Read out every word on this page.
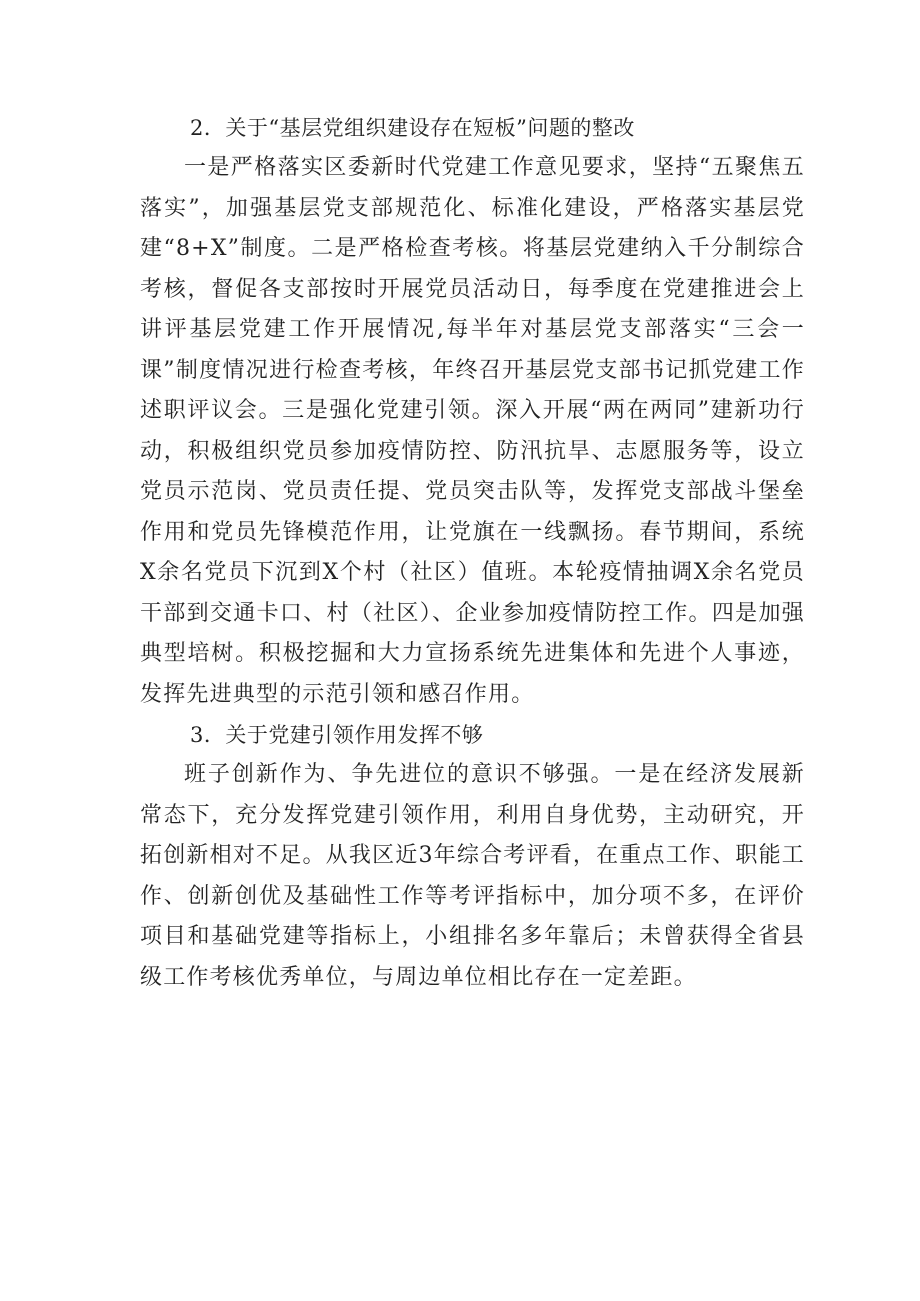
2．关于“基层党组织建设存在短板”问题的整改

一是严格落实区委新时代党建工作意见要求，坚持“五聚焦五落实”，加强基层党支部规范化、标准化建设，严格落实基层党建“8+X”制度。二是严格检查考核。将基层党建纳入千分制综合考核，督促各支部按时开展党员活动日，每季度在党建推进会上讲评基层党建工作开展情况,每半年对基层党支部落实“三会一课”制度情况进行检查考核，年终召开基层党支部书记抓党建工作述职评议会。三是强化党建引领。深入开展“两在两同”建新功行动，积极组织党员参加疫情防控、防汛抗旱、志愿服务等，设立党员示范岗、党员责任提、党员突击队等，发挥党支部战斗堡垒作用和党员先锋模范作用，让党旗在一线飘扬。春节期间，系统X余名党员下沉到X个村（社区）值班。本轮疫情抽调X余名党员干部到交通卡口、村（社区）、企业参加疫情防控工作。四是加强典型培树。积极挖掘和大力宣扬系统先进集体和先进个人事迹，发挥先进典型的示范引领和感召作用。

3．关于党建引领作用发挥不够

班子创新作为、争先进位的意识不够强。一是在经济发展新常态下，充分发挥党建引领作用，利用自身优势，主动研究，开拓创新相对不足。从我区近3年综合考评看，在重点工作、职能工作、创新创优及基础性工作等考评指标中，加分项不多，在评价项目和基础党建等指标上，小组排名多年靠后；未曾获得全省县级工作考核优秀单位，与周边单位相比存在一定差距。
